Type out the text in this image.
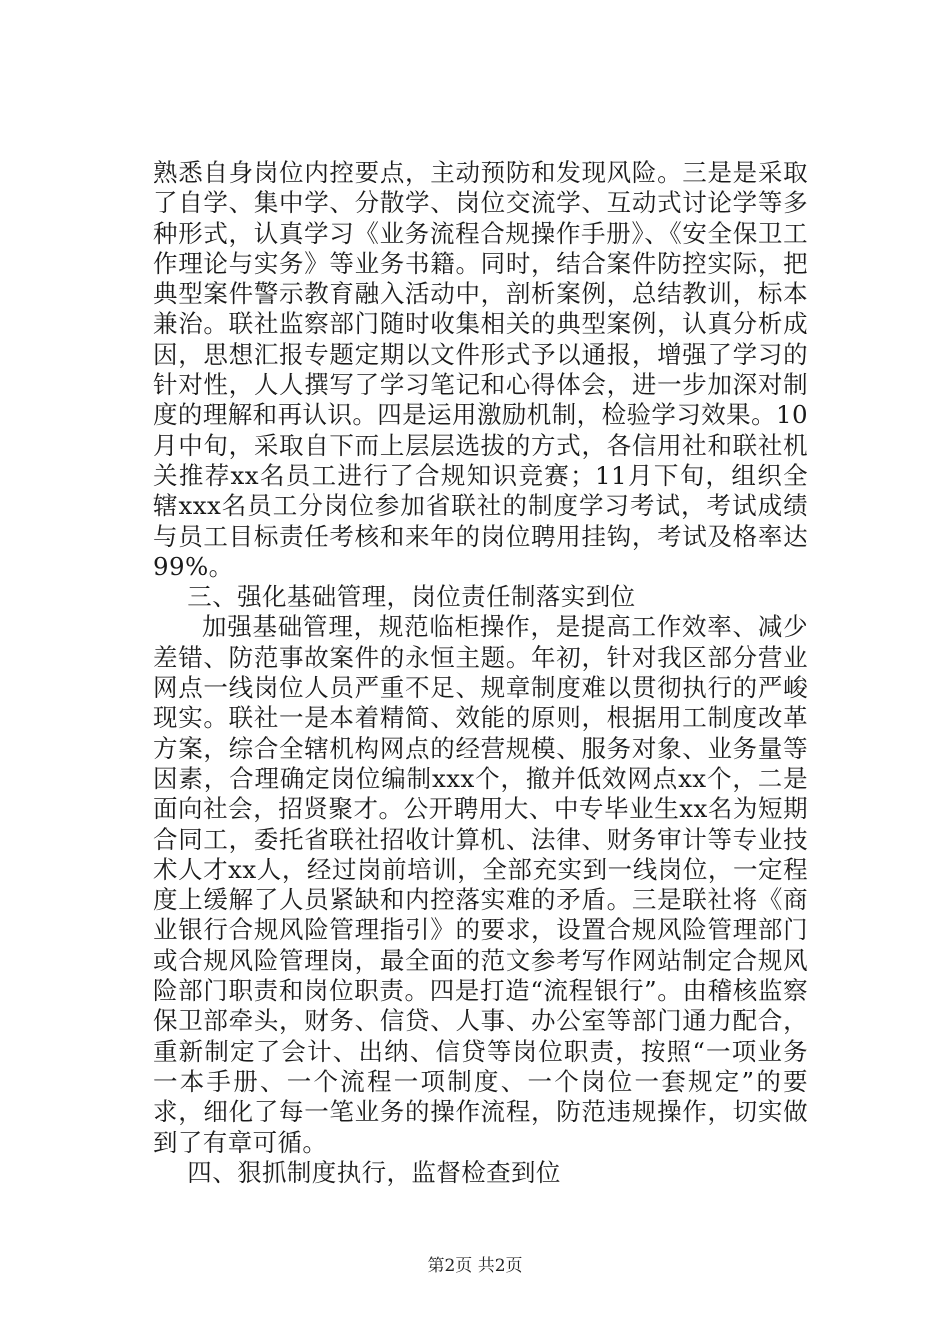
熟悉自身岗位内控要点，主动预防和发现风险。三是是采取了自学、集中学、分散学、岗位交流学、互动式讨论学等多种形式，认真学习《业务流程合规操作手册》、《安全保卫工作理论与实务》等业务书籍。同时，结合案件防控实际，把典型案件警示教育融入活动中，剖析案例，总结教训，标本兼治。联社监察部门随时收集相关的典型案例，认真分析成因，思想汇报专题定期以文件形式予以通报，增强了学习的针对性，人人撰写了学习笔记和心得体会，进一步加深对制度的理解和再认识。四是运用激励机制，检验学习效果。10月中旬，采取自下而上层层选拔的方式，各信用社和联社机关推荐xx名员工进行了合规知识竞赛；11月下旬，组织全辖xxx名员工分岗位参加省联社的制度学习考试，考试成绩与员工目标责任考核和来年的岗位聘用挂钩，考试及格率达99%。

三、强化基础管理，岗位责任制落实到位

加强基础管理，规范临柜操作，是提高工作效率、减少差错、防范事故案件的永恒主题。年初，针对我区部分营业网点一线岗位人员严重不足、规章制度难以贯彻执行的严峻现实。联社一是本着精简、效能的原则，根据用工制度改革方案，综合全辖机构网点的经营规模、服务对象、业务量等因素，合理确定岗位编制xxx个，撤并低效网点xx个，二是面向社会，招贤聚才。公开聘用大、中专毕业生xx名为短期合同工，委托省联社招收计算机、法律、财务审计等专业技术人才xx人，经过岗前培训，全部充实到一线岗位，一定程度上缓解了人员紧缺和内控落实难的矛盾。三是联社将《商业银行合规风险管理指引》的要求，设置合规风险管理部门或合规风险管理岗，最全面的范文参考写作网站制定合规风险部门职责和岗位职责。四是打造“流程银行”。由稽核监察保卫部牵头，财务、信贷、人事、办公室等部门通力配合，重新制定了会计、出纳、信贷等岗位职责，按照“一项业务一本手册、一个流程一项制度、一个岗位一套规定”的要求，细化了每一笔业务的操作流程，防范违规操作，切实做到了有章可循。

四、狠抓制度执行，监督检查到位

第2页 共2页
